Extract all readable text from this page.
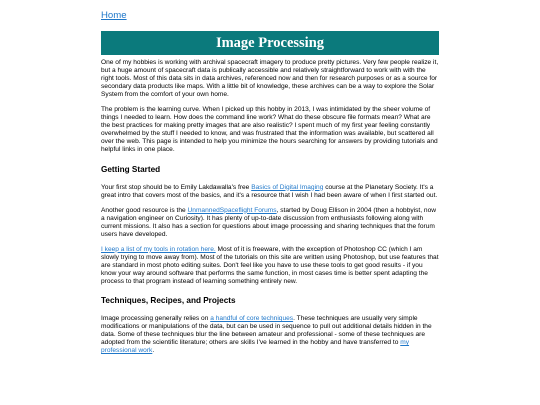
Home
Image Processing

One of my hobbies is working with archival spacecraft imagery to produce pretty pictures. Very few people realize it, but a huge amount of spacecraft data is publically accessible and relatively straightforward to work with with the right tools. Most of this data sits in data archives, referenced now and then for research purposes or as a source for secondary data products like maps. With a little bit of knowledge, these archives can be a way to explore the Solar System from the comfort of your own home.

The problem is the learning curve. When I picked up this hobby in 2013, I was intimidated by the sheer volume of things I needed to learn. How does the command line work? What do these obscure file formats mean? What are the best practices for making pretty images that are also realistic? I spent much of my first year feeling constantly overwhelmed by the stuff I needed to know, and was frustrated that the information was available, but scattered all over the web. This page is intended to help you minimize the hours searching for answers by providing tutorials and helpful links in one place.

Getting Started

Your first stop should be to Emily Lakdawalla's free Basics of Digital Imaging course at the Planetary Society. It's a great intro that covers most of the basics, and it's a resource that I wish I had been aware of when I first started out.

Another good resource is the UnmannedSpaceflight Forums, started by Doug Ellison in 2004 (then a hobbyist, now a navigation engineer on Curiosity). It has plenty of up-to-date discussion from enthusiasts following along with current missions. It also has a section for questions about image processing and sharing techniques that the forum users have developed.

I keep a list of my tools in rotation here. Most of it is freeware, with the exception of Photoshop CC (which I am slowly trying to move away from). Most of the tutorials on this site are written using Photoshop, but use features that are standard in most photo editing suites. Don't feel like you have to use these tools to get good results - if you know your way around software that performs the same function, in most cases time is better spent adapting the process to that program instead of learning something entirely new.

Techniques, Recipes, and Projects

Image processing generally relies on a handful of core techniques. These techniques are usually very simple modifications or manipulations of the data, but can be used in sequence to pull out additional details hidden in the data. Some of these techniques blur the line between amateur and professional - some of these techniques are adopted from the scientific literature; others are skills I've learned in the hobby and have transferred to my professional work.
